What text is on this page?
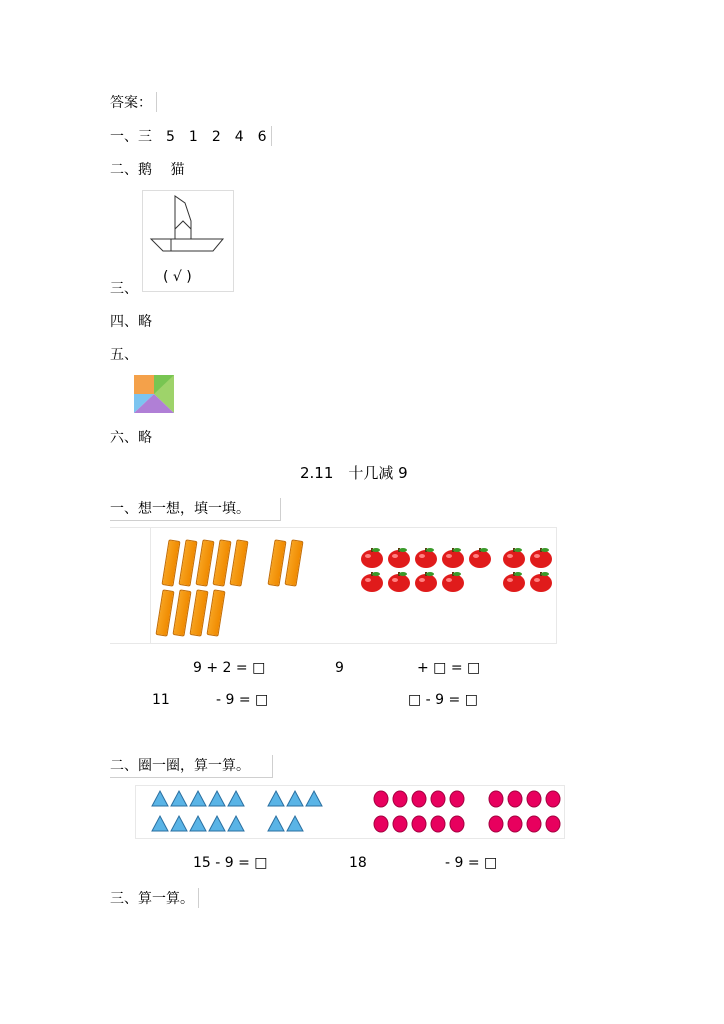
答案：
一、三　5　1　2　4　6
二、鹅　 猫
( √ )
三、
四、略
五、
六、略
2.11　十几减 9
一、想一想，填一填。
9 + 2 = □	9	+ □ = □
11	- 9 = □	□ - 9 = □
二、圈一圈，算一算。
15 - 9 = □	18	- 9 = □
三、算一算。
